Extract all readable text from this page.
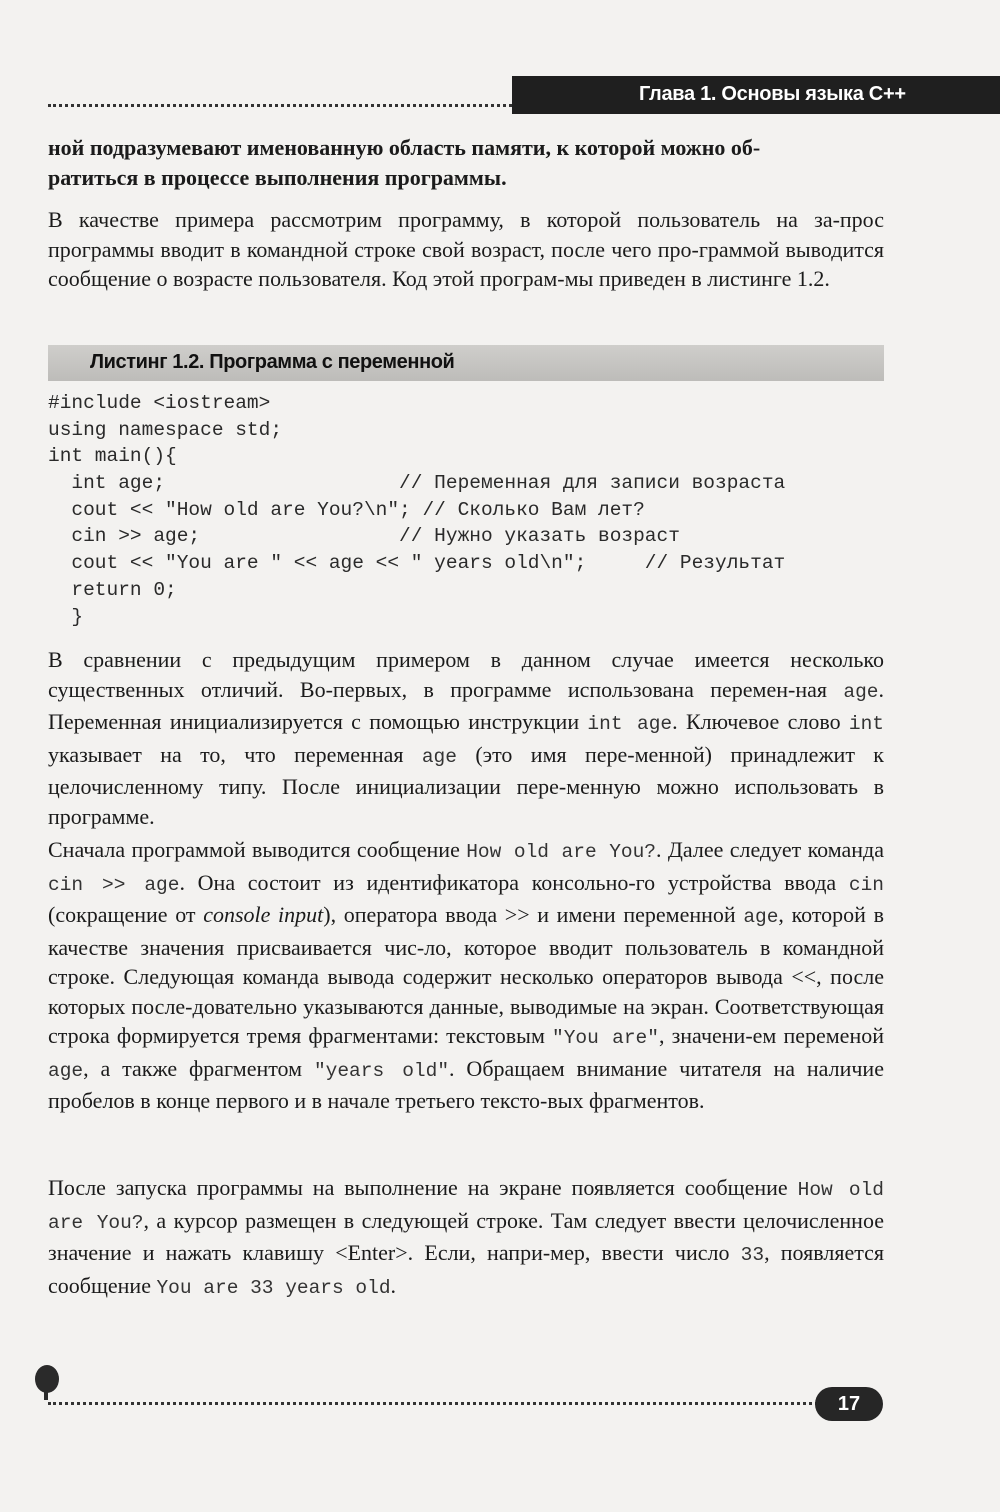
Глава 1. Основы языка С++
ной подразумевают именованную область памяти, к которой можно об-
ратиться в процессе выполнения программы.
В качестве примера рассмотрим программу, в которой пользователь на за-прос программы вводит в командной строке свой возраст, после чего про-граммой выводится сообщение о возрасте пользователя. Код этой програм-мы приведен в листинге 1.2.
Листинг 1.2. Программа с переменной
#include <iostream>
using namespace std;
int main(){
int age;                    // Переменная для записи возраста
cout << "How old are You?\n"; // Сколько Вам лет?
cin >> age;                 // Нужно указать возраст
cout << "You are " << age << " years old\n";     // Результат
return 0;
}
В сравнении с предыдущим примером в данном случае имеется несколько существенных отличий. Во-первых, в программе использована перемен-ная age. Переменная инициализируется с помощью инструкции int age. Ключевое слово int указывает на то, что переменная age (это имя пере-менной) принадлежит к целочисленному типу. После инициализации пере-менную можно использовать в программе.
Сначала программой выводится сообщение How old are You?. Далее следует команда cin >> age. Она состоит из идентификатора консольно-го устройства ввода cin (сокращение от console input), оператора ввода >> и имени переменной age, которой в качестве значения присваивается чис-ло, которое вводит пользователь в командной строке. Следующая команда вывода содержит несколько операторов вывода <<, после которых после-довательно указываются данные, выводимые на экран. Соответствующая строка формируется тремя фрагментами: текстовым "You are", значени-ем переменой age, а также фрагментом "years old". Обращаем внимание читателя на наличие пробелов в конце первого и в начале третьего тексто-вых фрагментов.
После запуска программы на выполнение на экране появляется сообщение How old are You?, а курсор размещен в следующей строке. Там следует ввести целочисленное значение и нажать клавишу <Enter>. Если, напри-мер, ввести число 33, появляется сообщение You are 33 years old.
17
